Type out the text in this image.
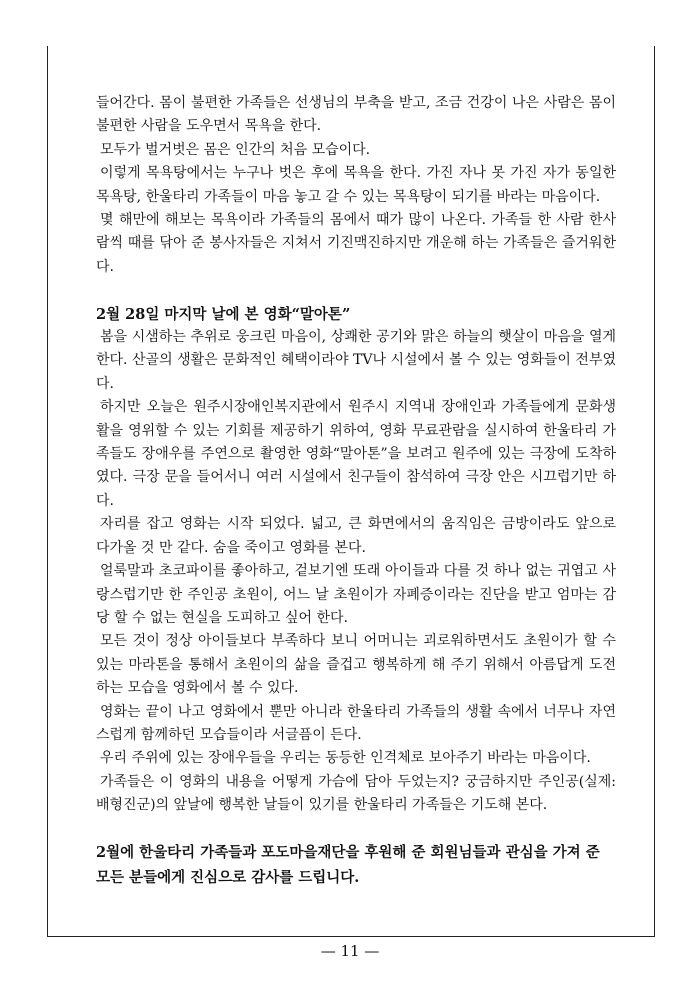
들어간다. 몸이 불편한 가족들은 선생님의 부축을 받고, 조금 건강이 나은 사람은 몸이 불편한 사람을 도우면서 목욕을 한다.

모두가 벌거벗은 몸은 인간의 처음 모습이다.

이렇게 목욕탕에서는 누구나 벗은 후에 목욕을 한다. 가진 자나 못 가진 자가 동일한 목욕탕, 한울타리 가족들이 마음 놓고 갈 수 있는 목욕탕이 되기를 바라는 마음이다.

몇 해만에 해보는 목욕이라 가족들의 몸에서 때가 많이 나온다. 가족들 한 사람 한사람씩 때를 닦아 준 봉사자들은 지쳐서 기진맥진하지만 개운해 하는 가족들은 즐거워한다.

2월 28일 마지막 날에 본 영화“말아톤”

봄을 시샘하는 추위로 웅크린 마음이, 상쾌한 공기와 맑은 하늘의 햇살이 마음을 열게 한다. 산골의 생활은 문화적인 혜택이라야 TV나 시설에서 볼 수 있는 영화들이 전부였다.

하지만 오늘은 원주시장애인복지관에서 원주시 지역내 장애인과 가족들에게 문화생활을 영위할 수 있는 기회를 제공하기 위하여, 영화 무료관람을 실시하여 한울타리 가족들도 장애우를 주연으로 촬영한 영화“말아톤”을 보려고 원주에 있는 극장에 도착하였다. 극장 문을 들어서니 여러 시설에서 친구들이 참석하여 극장 안은 시끄럽기만 하다.

자리를 잡고 영화는 시작 되었다. 넓고, 큰 화면에서의 움직임은 금방이라도 앞으로 다가올 것 만 같다. 숨을 죽이고 영화를 본다.

얼룩말과 초코파이를 좋아하고, 겉보기엔 또래 아이들과 다를 것 하나 없는 귀엽고 사랑스럽기만 한 주인공 초원이, 어느 날 초원이가 자폐증이라는 진단을 받고 엄마는 감당 할 수 없는 현실을 도피하고 싶어 한다.

모든 것이 정상 아이들보다 부족하다 보니 어머니는 괴로워하면서도 초원이가 할 수 있는 마라톤을 통해서 초원이의 삶을 즐겁고 행복하게 해 주기 위해서 아름답게 도전하는 모습을 영화에서 볼 수 있다.

영화는 끝이 나고 영화에서 뿐만 아니라 한울타리 가족들의 생활 속에서 너무나 자연스럽게 함께하던 모습들이라 서글픔이 든다.

우리 주위에 있는 장애우들을 우리는 동등한 인격체로 보아주기 바라는 마음이다.

가족들은 이 영화의 내용을 어떻게 가슴에 담아 두었는지? 궁금하지만 주인공(실제:배형진군)의 앞날에 행복한 날들이 있기를 한울타리 가족들은 기도해 본다.

2월에 한울타리 가족들과 포도마을재단을 후원해 준 회원님들과 관심을 가져 준 모든 분들에게 진심으로 감사를 드립니다.

— 11 —
